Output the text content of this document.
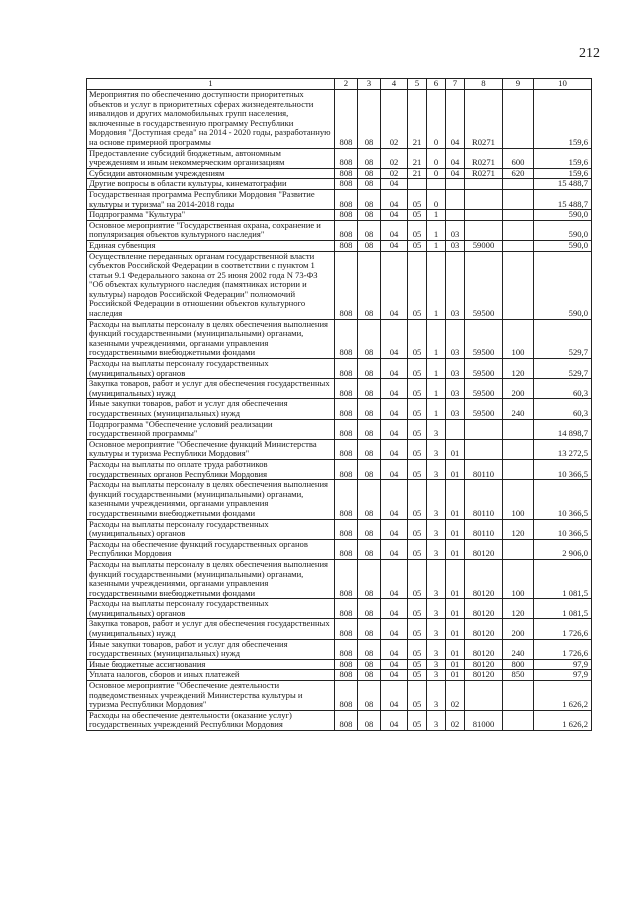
212
1	2	3	4	5	6	7	8	9	10
Мероприятия по обеспечению доступности приоритетных объектов и услуг в приоритетных сферах жизнедеятельности инвалидов и других маломобильных групп населения, включенные в государственную программу Республики Мордовия "Доступная среда" на 2014 - 2020 годы, разработанную на основе примерной программы	808	08	02	21	0	04	R0271		159,6
Предоставление субсидий бюджетным, автономным учреждениям и иным некоммерческим организациям	808	08	02	21	0	04	R0271	600	159,6
Субсидии автономным учреждениям	808	08	02	21	0	04	R0271	620	159,6
Другие вопросы в области культуры, кинематографии	808	08	04						15 488,7
Государственная программа Республики Мордовия "Развитие культуры и туризма" на 2014-2018 годы	808	08	04	05	0				15 488,7
Подпрограмма "Культура"	808	08	04	05	1				590,0
Основное мероприятие "Государственная охрана, сохранение и популяризация объектов культурного наследия"	808	08	04	05	1	03			590,0
Единая субвенция	808	08	04	05	1	03	59000		590,0
Осуществление переданных органам государственной власти субъектов Российской Федерации в соответствии с пунктом 1 статьи 9.1 Федерального закона от 25 июня 2002 года N 73-ФЗ "Об объектах культурного наследия (памятниках истории и культуры) народов Российской Федерации" полномочий Российской Федерации в отношении объектов культурного наследия	808	08	04	05	1	03	59500		590,0
Расходы на выплаты персоналу в целях обеспечения выполнения функций государственными (муниципальными) органами, казенными учреждениями, органами управления государственными внебюджетными фондами	808	08	04	05	1	03	59500	100	529,7
Расходы на выплаты персоналу государственных (муниципальных) органов	808	08	04	05	1	03	59500	120	529,7
Закупка товаров, работ и услуг для обеспечения государственных (муниципальных) нужд	808	08	04	05	1	03	59500	200	60,3
Иные закупки товаров, работ и услуг для обеспечения государственных (муниципальных) нужд	808	08	04	05	1	03	59500	240	60,3
Подпрограмма "Обеспечение условий реализации государственной программы"	808	08	04	05	3				14 898,7
Основное мероприятие "Обеспечение функций Министерства культуры и туризма Республики Мордовия"	808	08	04	05	3	01			13 272,5
Расходы на выплаты по оплате труда работников государственных органов Республики Мордовия	808	08	04	05	3	01	80110		10 366,5
Расходы на выплаты персоналу в целях обеспечения выполнения функций государственными (муниципальными) органами, казенными учреждениями, органами управления государственными внебюджетными фондами	808	08	04	05	3	01	80110	100	10 366,5
Расходы на выплаты персоналу государственных (муниципальных) органов	808	08	04	05	3	01	80110	120	10 366,5
Расходы на обеспечение функций государственных органов Республики Мордовия	808	08	04	05	3	01	80120		2 906,0
Расходы на выплаты персоналу в целях обеспечения выполнения функций государственными (муниципальными) органами, казенными учреждениями, органами управления государственными внебюджетными фондами	808	08	04	05	3	01	80120	100	1 081,5
Расходы на выплаты персоналу государственных (муниципальных) органов	808	08	04	05	3	01	80120	120	1 081,5
Закупка товаров, работ и услуг для обеспечения государственных (муниципальных) нужд	808	08	04	05	3	01	80120	200	1 726,6
Иные закупки товаров, работ и услуг для обеспечения государственных (муниципальных) нужд	808	08	04	05	3	01	80120	240	1 726,6
Иные бюджетные ассигнования	808	08	04	05	3	01	80120	800	97,9
Уплата налогов, сборов и иных платежей	808	08	04	05	3	01	80120	850	97,9
Основное мероприятие "Обеспечение деятельности подведомственных учреждений Министерства культуры и туризма Республики Мордовия"	808	08	04	05	3	02			1 626,2
Расходы на обеспечение деятельности (оказание услуг) государственных учреждений Республики Мордовия	808	08	04	05	3	02	81000		1 626,2
